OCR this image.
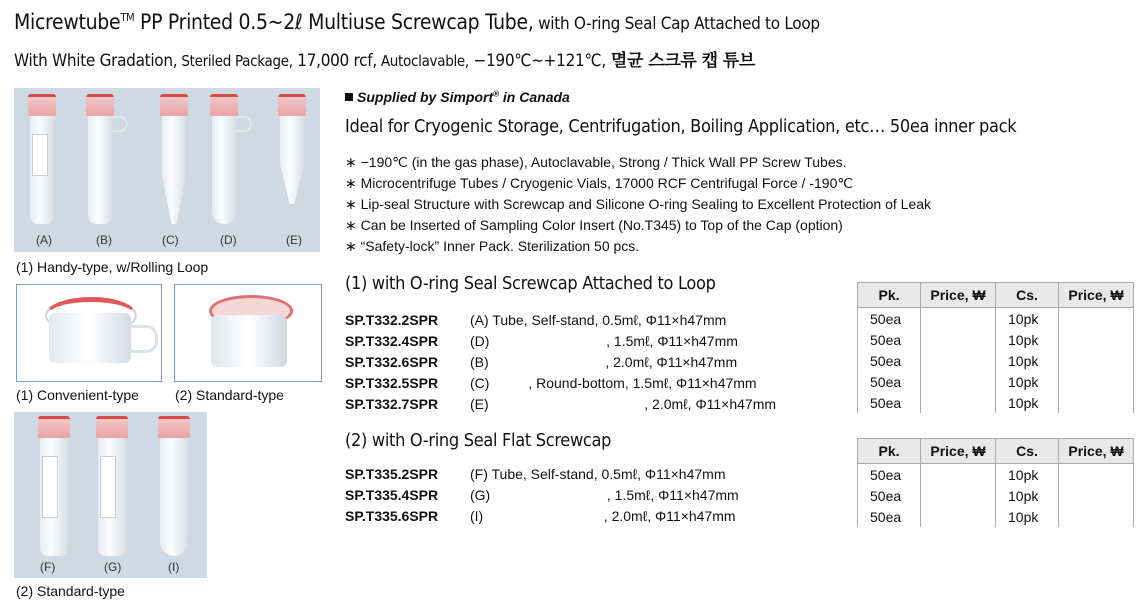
Micrewtube™ PP Printed 0.5~2ℓ Multiuse Screwcap Tube, with O-ring Seal Cap Attached to Loop
With White Gradation, Steriled Package, 17,000 rcf, Autoclavable, −190℃∼+121℃, 멸균 스크류 캡 튜브
(A)	(B)	(C)	(D)	(E)
(1) Handy-type, w/Rolling Loop
(1) Convenient-type	(2) Standard-type
(F)	(G)	(I)
(2) Standard-type
Supplied by Simport® in Canada
Ideal for Cryogenic Storage, Centrifugation, Boiling Application, etc… 50ea inner pack
∗ −190℃ (in the gas phase), Autoclavable, Strong / Thick Wall PP Screw Tubes.
∗ Microcentrifuge Tubes / Cryogenic Vials, 17000 RCF Centrifugal Force / -190℃
∗ Lip-seal Structure with Screwcap and Silicone O-ring Sealing to Excellent Protection of Leak
∗ Can be Inserted of Sampling Color Insert (No.T345) to Top of the Cap (option)
∗ “Safety-lock” Inner Pack. Sterilization 50 pcs.
(1) with O-ring Seal Screwcap Attached to Loop
SP.T332.2SPR	(A) Tube, Self-stand, 0.5mℓ, Φ11×h47mm
SP.T332.4SPR	(D)                              , 1.5mℓ, Φ11×h47mm
SP.T332.6SPR	(B)                              , 2.0mℓ, Φ11×h47mm
SP.T332.5SPR	(C)          , Round-bottom, 1.5mℓ, Φ11×h47mm
SP.T332.7SPR	(E)                                        , 2.0mℓ, Φ11×h47mm
Pk.	Price, ₩	Cs.	Price, ₩
50ea		10pk	
50ea		10pk	
50ea		10pk	
50ea		10pk	
50ea		10pk	
(2) with O-ring Seal Flat Screwcap
SP.T335.2SPR	(F) Tube, Self-stand, 0.5mℓ, Φ11×h47mm
SP.T335.4SPR	(G)                              , 1.5mℓ, Φ11×h47mm
SP.T335.6SPR	(I)                               , 2.0mℓ, Φ11×h47mm
Pk.	Price, ₩	Cs.	Price, ₩
50ea		10pk	
50ea		10pk	
50ea		10pk	
